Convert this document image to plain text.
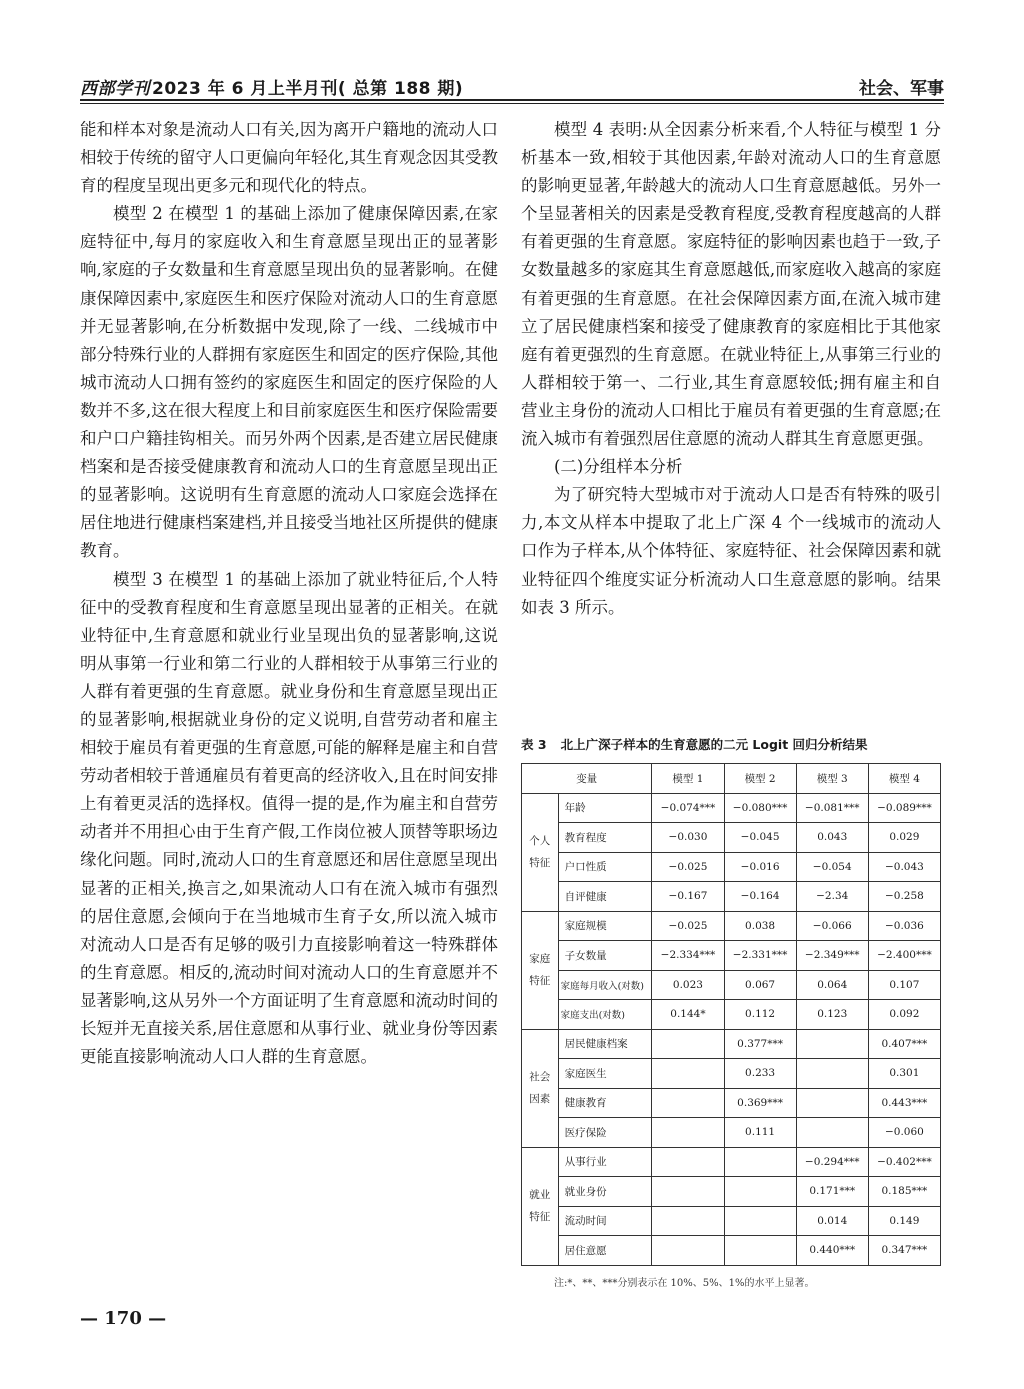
西部学刊 2023 年 6 月上半月刊( 总第 188 期)	社会、军事

能和样本对象是流动人口有关,因为离开户籍地的流动人口相较于传统的留守人口更偏向年轻化,其生育观念因其受教育的程度呈现出更多元和现代化的特点。

模型 2 在模型 1 的基础上添加了健康保障因素,在家庭特征中,每月的家庭收入和生育意愿呈现出正的显著影响,家庭的子女数量和生育意愿呈现出负的显著影响。在健康保障因素中,家庭医生和医疗保险对流动人口的生育意愿并无显著影响,在分析数据中发现,除了一线、二线城市中部分特殊行业的人群拥有家庭医生和固定的医疗保险,其他城市流动人口拥有签约的家庭医生和固定的医疗保险的人数并不多,这在很大程度上和目前家庭医生和医疗保险需要和户口户籍挂钩相关。而另外两个因素,是否建立居民健康档案和是否接受健康教育和流动人口的生育意愿呈现出正的显著影响。这说明有生育意愿的流动人口家庭会选择在居住地进行健康档案建档,并且接受当地社区所提供的健康教育。

模型 3 在模型 1 的基础上添加了就业特征后,个人特征中的受教育程度和生育意愿呈现出显著的正相关。在就业特征中,生育意愿和就业行业呈现出负的显著影响,这说明从事第一行业和第二行业的人群相较于从事第三行业的人群有着更强的生育意愿。就业身份和生育意愿呈现出正的显著影响,根据就业身份的定义说明,自营劳动者和雇主相较于雇员有着更强的生育意愿,可能的解释是雇主和自营劳动者相较于普通雇员有着更高的经济收入,且在时间安排上有着更灵活的选择权。值得一提的是,作为雇主和自营劳动者并不用担心由于生育产假,工作岗位被人顶替等职场边缘化问题。同时,流动人口的生育意愿还和居住意愿呈现出显著的正相关,换言之,如果流动人口有在流入城市有强烈的居住意愿,会倾向于在当地城市生育子女,所以流入城市对流动人口是否有足够的吸引力直接影响着这一特殊群体的生育意愿。相反的,流动时间对流动人口的生育意愿并不显著影响,这从另外一个方面证明了生育意愿和流动时间的长短并无直接关系,居住意愿和从事行业、就业身份等因素更能直接影响流动人口人群的生育意愿。

模型 4 表明:从全因素分析来看,个人特征与模型 1 分析基本一致,相较于其他因素,年龄对流动人口的生育意愿的影响更显著,年龄越大的流动人口生育意愿越低。另外一个呈显著相关的因素是受教育程度,受教育程度越高的人群有着更强的生育意愿。家庭特征的影响因素也趋于一致,子女数量越多的家庭其生育意愿越低,而家庭收入越高的家庭有着更强的生育意愿。在社会保障因素方面,在流入城市建立了居民健康档案和接受了健康教育的家庭相比于其他家庭有着更强烈的生育意愿。在就业特征上,从事第三行业的人群相较于第一、二行业,其生育意愿较低;拥有雇主和自营业主身份的流动人口相比于雇员有着更强的生育意愿;在流入城市有着强烈居住意愿的流动人群其生育意愿更强。

(二)分组样本分析

为了研究特大型城市对于流动人口是否有特殊的吸引力,本文从样本中提取了北上广深 4 个一线城市的流动人口作为子样本,从个体特征、家庭特征、社会保障因素和就业特征四个维度实证分析流动人口生意意愿的影响。结果如表 3 所示。

表 3 北上广深子样本的生育意愿的二元 Logit 回归分析结果
变量		模型 1	模型 2	模型 3	模型 4
个人
特征	年龄	−0.074***	−0.080***	−0.081***	−0.089***
	教育程度	−0.030	−0.045	0.043	0.029
	户口性质	−0.025	−0.016	−0.054	−0.043
	自评健康	−0.167	−0.164	−2.34	−0.258
家庭
特征	家庭规模	−0.025	0.038	−0.066	−0.036
	子女数量	−2.334***	−2.331***	−2.349***	−2.400***
	家庭每月收入(对数)	0.023	0.067	0.064	0.107
	家庭支出(对数)	0.144*	0.112	0.123	0.092
社会
因素	居民健康档案		0.377***		0.407***
	家庭医生		0.233		0.301
	健康教育		0.369***		0.443***
	医疗保险		0.111		−0.060
就业
特征	从事行业			−0.294***	−0.402***
	就业身份			0.171***	0.185***
	流动时间			0.014	0.149
	居住意愿			0.440***	0.347***
注:*、**、***分别表示在 10%、5%、1%的水平上显著。
— 170 —
